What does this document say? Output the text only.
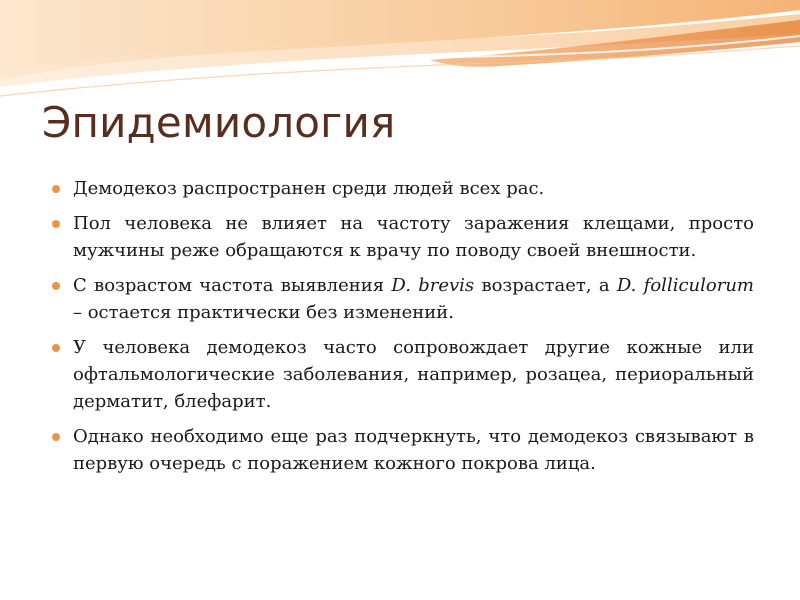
Эпидемиология
Демодекоз распространен среди людей всех рас.
Пол человека не влияет на частоту заражения клещами, просто мужчины реже обращаются к врачу по поводу своей внешности.
С возрастом частота выявления D. brevis возрастает, а D. folliculorum – остается практически без изменений.
У человека демодекоз часто сопровождает другие кожные или офтальмологические заболевания, например, розацеа, периоральный дерматит, блефарит.
Однако необходимо еще раз подчеркнуть, что демодекоз связывают в первую очередь с поражением кожного покрова лица.
